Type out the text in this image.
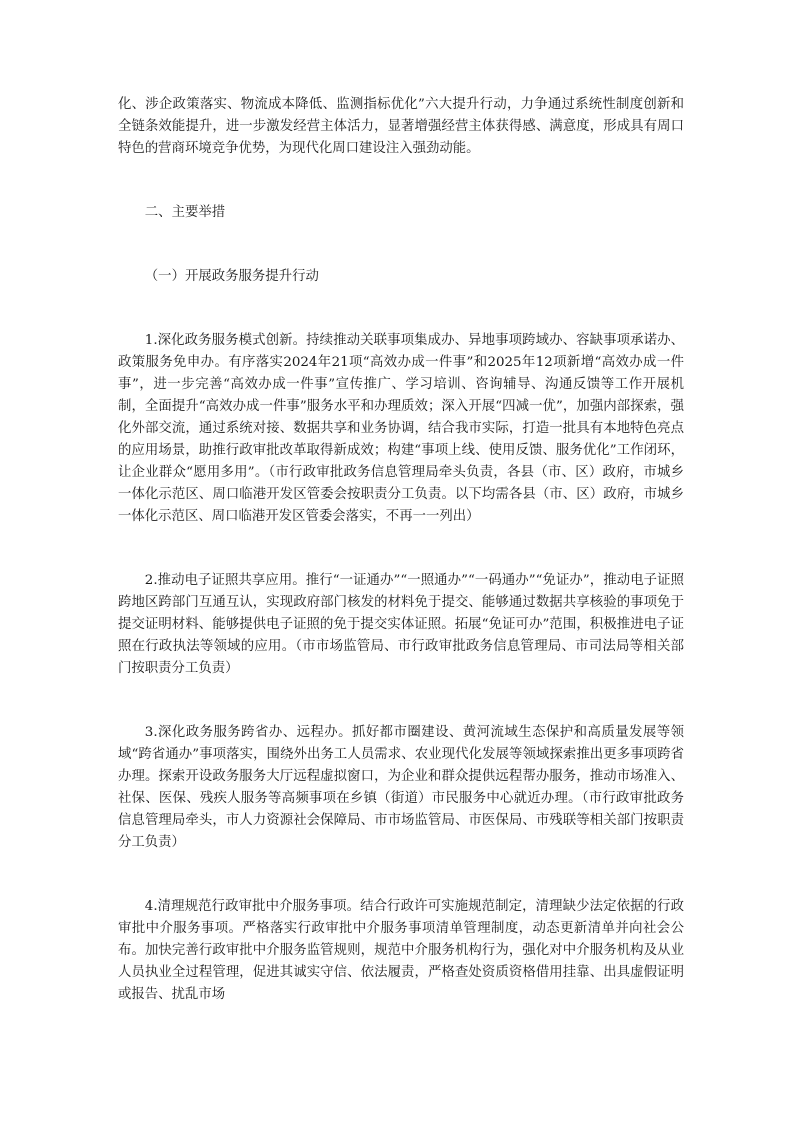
化、涉企政策落实、物流成本降低、监测指标优化”六大提升行动，力争通过系统性制度创新和全链条效能提升，进一步激发经营主体活力，显著增强经营主体获得感、满意度，形成具有周口特色的营商环境竞争优势，为现代化周口建设注入强劲动能。

二、主要举措

（一）开展政务服务提升行动

1.深化政务服务模式创新。持续推动关联事项集成办、异地事项跨域办、容缺事项承诺办、政策服务免申办。有序落实2024年21项“高效办成一件事”和2025年12项新增“高效办成一件事”，进一步完善“高效办成一件事”宣传推广、学习培训、咨询辅导、沟通反馈等工作开展机制，全面提升“高效办成一件事”服务水平和办理质效；深入开展“四减一优”，加强内部探索，强化外部交流，通过系统对接、数据共享和业务协调，结合我市实际，打造一批具有本地特色亮点的应用场景，助推行政审批改革取得新成效；构建“事项上线、使用反馈、服务优化”工作闭环，让企业群众“愿用多用”。（市行政审批政务信息管理局牵头负责，各县（市、区）政府，市城乡一体化示范区、周口临港开发区管委会按职责分工负责。以下均需各县（市、区）政府，市城乡一体化示范区、周口临港开发区管委会落实，不再一一列出）

2.推动电子证照共享应用。推行“一证通办”“一照通办”“一码通办”“免证办”，推动电子证照跨地区跨部门互通互认，实现政府部门核发的材料免于提交、能够通过数据共享核验的事项免于提交证明材料、能够提供电子证照的免于提交实体证照。拓展“免证可办”范围，积极推进电子证照在行政执法等领域的应用。（市市场监管局、市行政审批政务信息管理局、市司法局等相关部门按职责分工负责）

3.深化政务服务跨省办、远程办。抓好都市圈建设、黄河流域生态保护和高质量发展等领域“跨省通办”事项落实，围绕外出务工人员需求、农业现代化发展等领域探索推出更多事项跨省办理。探索开设政务服务大厅远程虚拟窗口，为企业和群众提供远程帮办服务，推动市场准入、社保、医保、残疾人服务等高频事项在乡镇（街道）市民服务中心就近办理。（市行政审批政务信息管理局牵头，市人力资源社会保障局、市市场监管局、市医保局、市残联等相关部门按职责分工负责）

4.清理规范行政审批中介服务事项。结合行政许可实施规范制定，清理缺少法定依据的行政审批中介服务事项。严格落实行政审批中介服务事项清单管理制度，动态更新清单并向社会公布。加快完善行政审批中介服务监管规则，规范中介服务机构行为，强化对中介服务机构及从业人员执业全过程管理，促进其诚实守信、依法履责，严格查处资质资格借用挂靠、出具虚假证明或报告、扰乱市场
